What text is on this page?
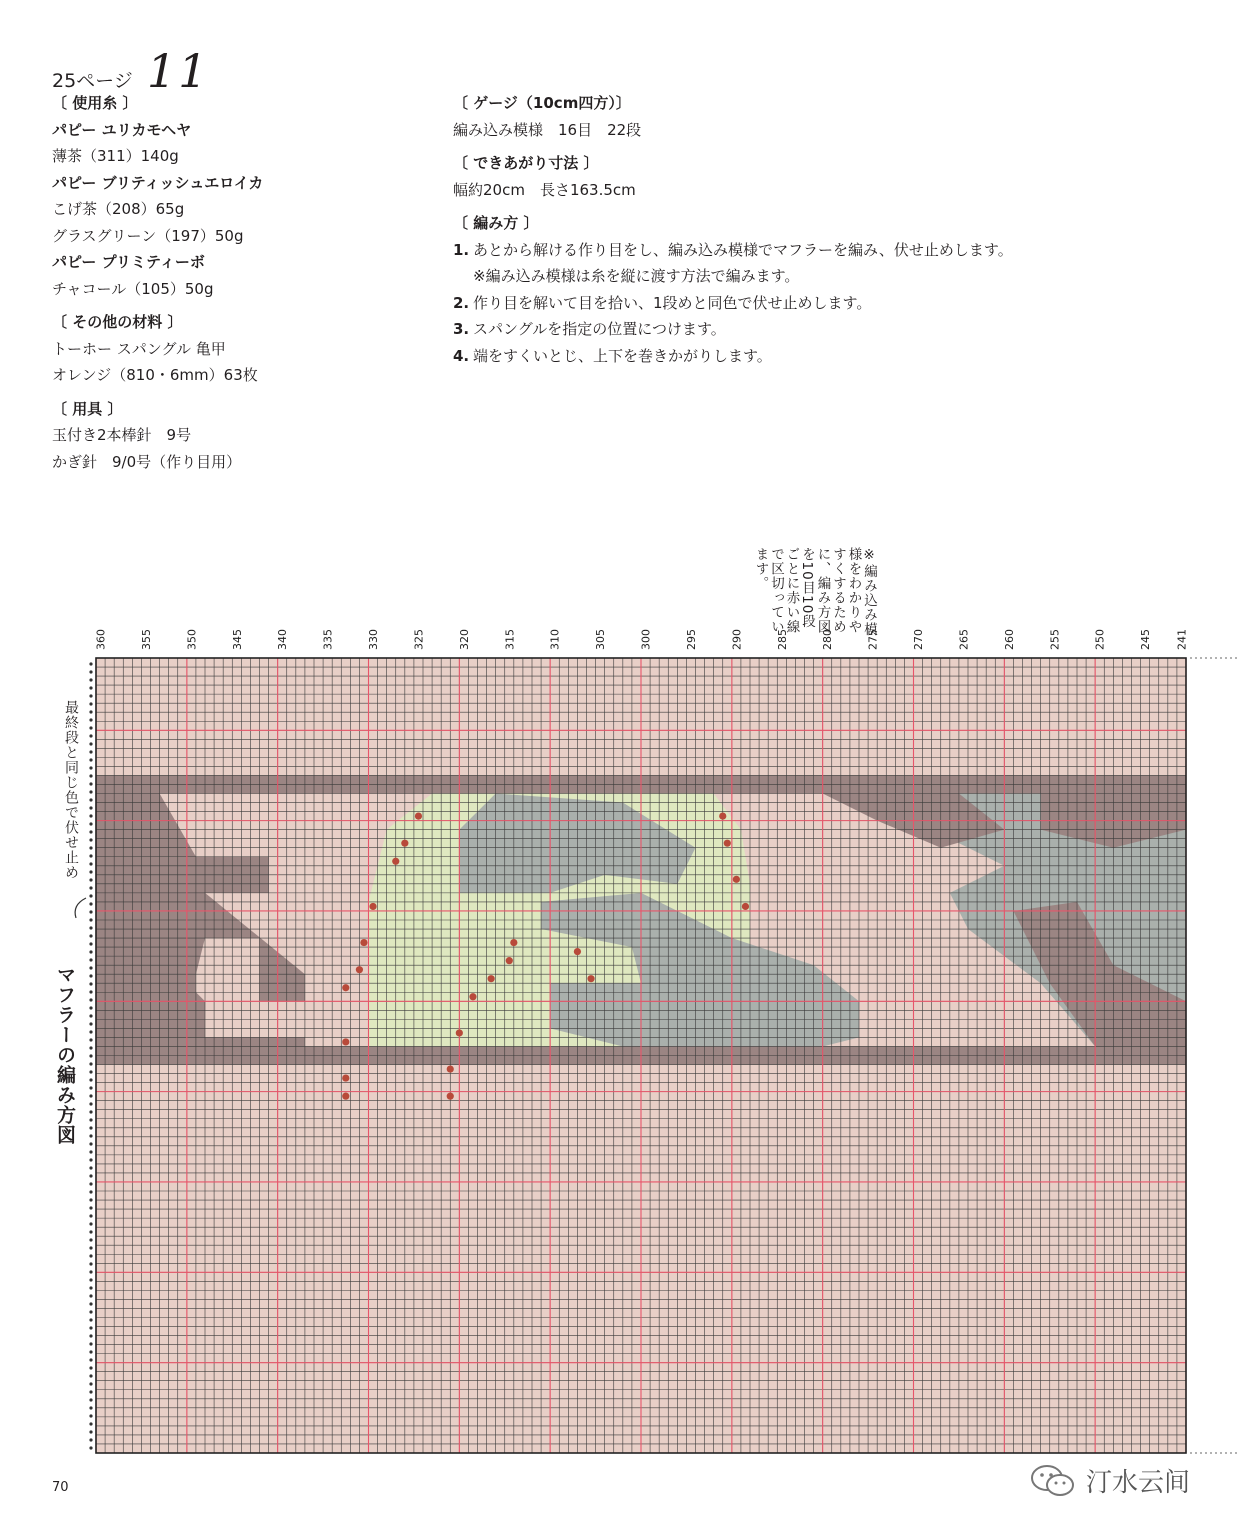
25ページ 11
〔 使用糸 〕
パピー ユリカモヘヤ
薄茶（311）140g
パピー ブリティッシュエロイカ
こげ茶（208）65g
グラスグリーン（197）50g
パピー プリミティーボ
チャコール（105）50g
〔 その他の材料 〕
トーホー スパングル 亀甲
オレンジ（810・6mm）63枚
〔 用具 〕
玉付き2本棒針　9号
かぎ針　9/0号（作り目用）
〔 ゲージ（10cm四方）〕
編み込み模様　16目　22段
〔 できあがり寸法 〕
幅約20cm　長さ163.5cm
〔 編み方 〕
1. あとから解ける作り目をし、編み込み模様でマフラーを編み、伏せ止めします。
※編み込み模様は糸を縦に渡す方法で編みます。
2. 作り目を解いて目を拾い、1段めと同色で伏せ止めします。
3. スパングルを指定の位置につけます。
4. 端をすくいとじ、上下を巻きかがりします。
※編み込み模様をわかりやすくするために、編み方図を10目10段ごとに赤い線で区切っています。
360	355	350	345	340	335	330	325	320	315	310	305	300	295	290	285	280	275	270	265	260	255	250	245 241
マフラーの編み方図
最終段と同じ色で伏せ止め
70	汀水云间
